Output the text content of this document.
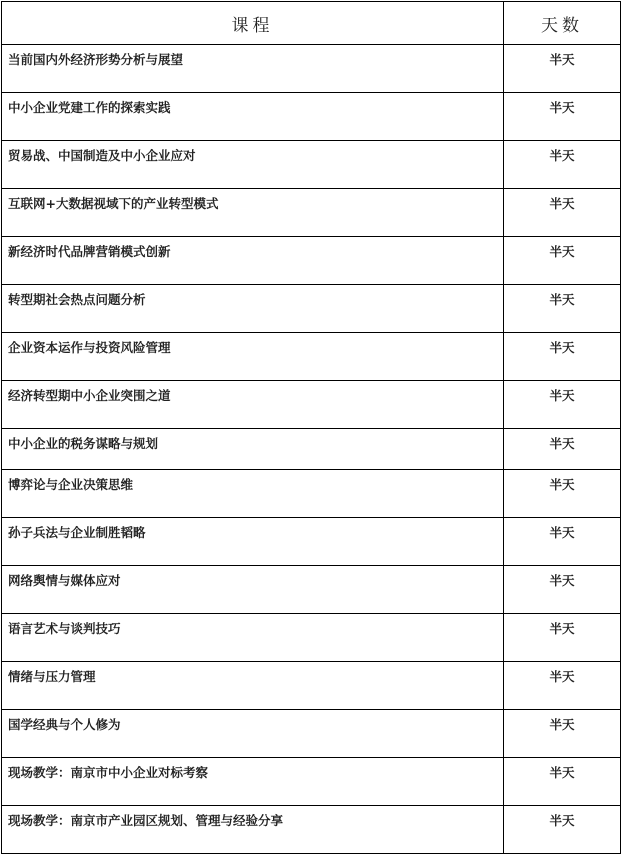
课程	天数
当前国内外经济形势分析与展望	半天
中小企业党建工作的探索实践	半天
贸易战、中国制造及中小企业应对	半天
互联网+大数据视域下的产业转型模式	半天
新经济时代品牌营销模式创新	半天
转型期社会热点问题分析	半天
企业资本运作与投资风险管理	半天
经济转型期中小企业突围之道	半天
中小企业的税务谋略与规划	半天
博弈论与企业决策思维	半天
孙子兵法与企业制胜韬略	半天
网络舆情与媒体应对	半天
语言艺术与谈判技巧	半天
情绪与压力管理	半天
国学经典与个人修为	半天
现场教学：南京市中小企业对标考察	半天
现场教学：南京市产业园区规划、管理与经验分享	半天
